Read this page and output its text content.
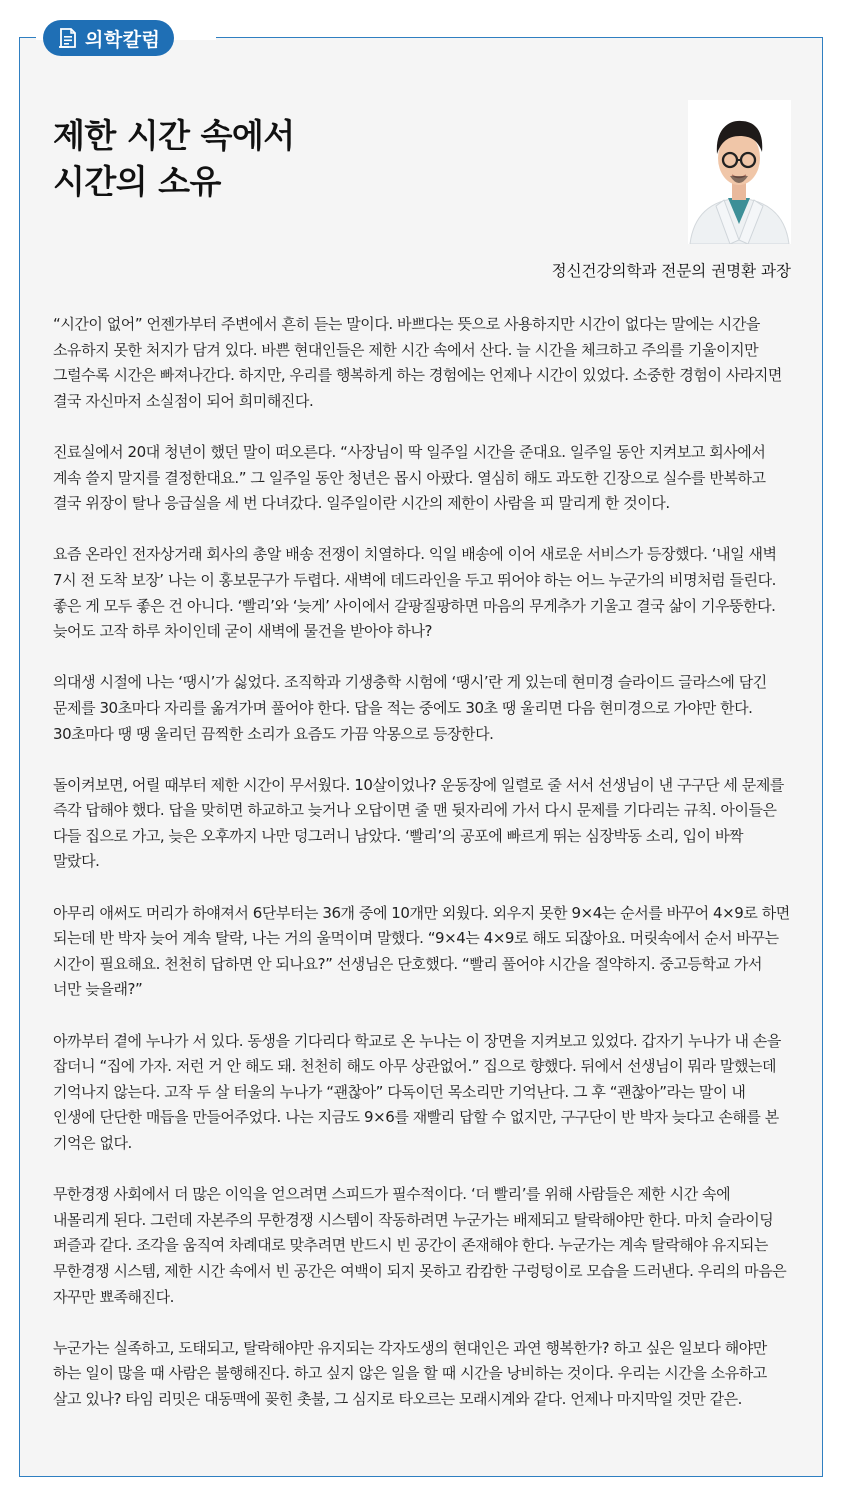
의학칼럼
제한 시간 속에서
시간의 소유

정신건강의학과 전문의 권명환 과장

“시간이 없어” 언젠가부터 주변에서 흔히 듣는 말이다. 바쁘다는 뜻으로 사용하지만 시간이 없다는 말에는 시간을 소유하지 못한 처지가 담겨 있다. 바쁜 현대인들은 제한 시간 속에서 산다. 늘 시간을 체크하고 주의를 기울이지만 그럴수록 시간은 빠져나간다. 하지만, 우리를 행복하게 하는 경험에는 언제나 시간이 있었다. 소중한 경험이 사라지면 결국 자신마저 소실점이 되어 희미해진다.

진료실에서 20대 청년이 했던 말이 떠오른다. “사장님이 딱 일주일 시간을 준대요. 일주일 동안 지켜보고 회사에서 계속 쓸지 말지를 결정한대요.” 그 일주일 동안 청년은 몹시 아팠다. 열심히 해도 과도한 긴장으로 실수를 반복하고 결국 위장이 탈나 응급실을 세 번 다녀갔다. 일주일이란 시간의 제한이 사람을 피 말리게 한 것이다.

요즘 온라인 전자상거래 회사의 총알 배송 전쟁이 치열하다. 익일 배송에 이어 새로운 서비스가 등장했다. ‘내일 새벽 7시 전 도착 보장’ 나는 이 홍보문구가 두렵다. 새벽에 데드라인을 두고 뛰어야 하는 어느 누군가의 비명처럼 들린다. 좋은 게 모두 좋은 건 아니다. ‘빨리’와 ‘늦게’ 사이에서 갈팡질팡하면 마음의 무게추가 기울고 결국 삶이 기우뚱한다. 늦어도 고작 하루 차이인데 굳이 새벽에 물건을 받아야 하나?

의대생 시절에 나는 ‘땡시’가 싫었다. 조직학과 기생충학 시험에 ‘땡시’란 게 있는데 현미경 슬라이드 글라스에 담긴 문제를 30초마다 자리를 옮겨가며 풀어야 한다. 답을 적는 중에도 30초 땡 울리면 다음 현미경으로 가야만 한다. 30초마다 땡 땡 울리던 끔찍한 소리가 요즘도 가끔 악몽으로 등장한다.

돌이켜보면, 어릴 때부터 제한 시간이 무서웠다. 10살이었나? 운동장에 일렬로 줄 서서 선생님이 낸 구구단 세 문제를 즉각 답해야 했다. 답을 맞히면 하교하고 늦거나 오답이면 줄 맨 뒷자리에 가서 다시 문제를 기다리는 규칙. 아이들은 다들 집으로 가고, 늦은 오후까지 나만 덩그러니 남았다. ‘빨리’의 공포에 빠르게 뛰는 심장박동 소리, 입이 바짝 말랐다.

아무리 애써도 머리가 하얘져서 6단부터는 36개 중에 10개만 외웠다. 외우지 못한 9×4는 순서를 바꾸어 4×9로 하면 되는데 반 박자 늦어 계속 탈락, 나는 거의 울먹이며 말했다. “9×4는 4×9로 해도 되잖아요. 머릿속에서 순서 바꾸는 시간이 필요해요. 천천히 답하면 안 되나요?” 선생님은 단호했다. “빨리 풀어야 시간을 절약하지. 중고등학교 가서 너만 늦을래?”

아까부터 곁에 누나가 서 있다. 동생을 기다리다 학교로 온 누나는 이 장면을 지켜보고 있었다. 갑자기 누나가 내 손을 잡더니 “집에 가자. 저런 거 안 해도 돼. 천천히 해도 아무 상관없어.” 집으로 향했다. 뒤에서 선생님이 뭐라 말했는데 기억나지 않는다. 고작 두 살 터울의 누나가 “괜찮아” 다독이던 목소리만 기억난다. 그 후 “괜찮아”라는 말이 내 인생에 단단한 매듭을 만들어주었다. 나는 지금도 9×6를 재빨리 답할 수 없지만, 구구단이 반 박자 늦다고 손해를 본 기억은 없다.

무한경쟁 사회에서 더 많은 이익을 얻으려면 스피드가 필수적이다. ‘더 빨리’를 위해 사람들은 제한 시간 속에 내몰리게 된다. 그런데 자본주의 무한경쟁 시스템이 작동하려면 누군가는 배제되고 탈락해야만 한다. 마치 슬라이딩 퍼즐과 같다. 조각을 움직여 차례대로 맞추려면 반드시 빈 공간이 존재해야 한다. 누군가는 계속 탈락해야 유지되는 무한경쟁 시스템, 제한 시간 속에서 빈 공간은 여백이 되지 못하고 캄캄한 구렁텅이로 모습을 드러낸다. 우리의 마음은 자꾸만 뾰족해진다.

누군가는 실족하고, 도태되고, 탈락해야만 유지되는 각자도생의 현대인은 과연 행복한가? 하고 싶은 일보다 해야만 하는 일이 많을 때 사람은 불행해진다. 하고 싶지 않은 일을 할 때 시간을 낭비하는 것이다. 우리는 시간을 소유하고 살고 있나? 타임 리밋은 대동맥에 꽂힌 촛불, 그 심지로 타오르는 모래시계와 같다. 언제나 마지막일 것만 같은.
